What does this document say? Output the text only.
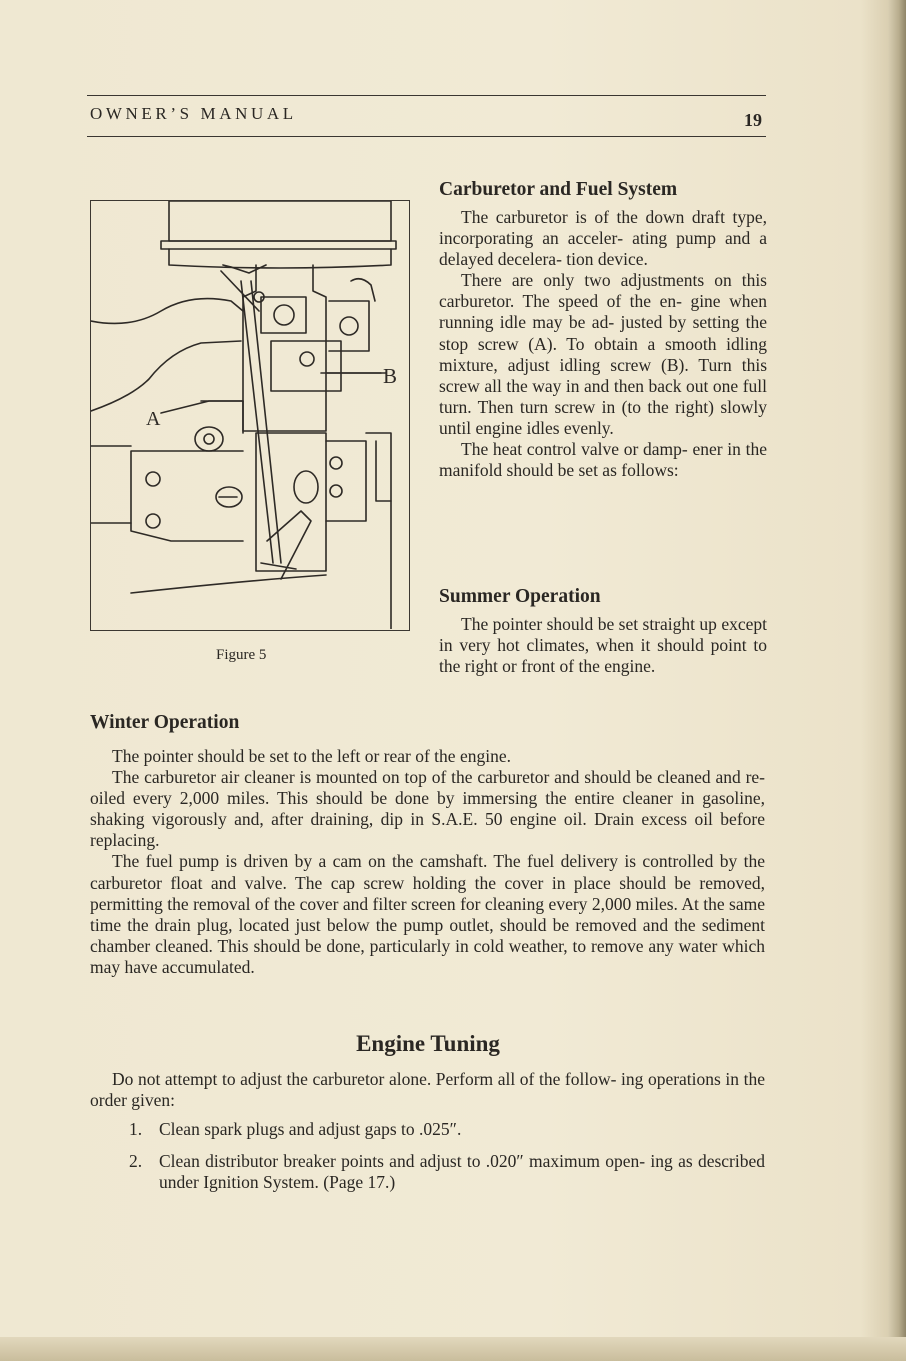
OWNER’S MANUAL	19
A
B
Figure 5
Carburetor and Fuel System

The carburetor is of the down draft type, incorporating an acceler‐ ating pump and a delayed decelera‐ tion device.

There are only two adjustments on this carburetor. The speed of the en‐ gine when running idle may be ad‐ justed by setting the stop screw (A). To obtain a smooth idling mixture, adjust idling screw (B). Turn this screw all the way in and then back out one full turn. Then turn screw in (to the right) slowly until engine idles evenly.

The heat control valve or damp‐ ener in the manifold should be set as follows:

Summer Operation

The pointer should be set straight up except in very hot climates, when it should point to the right or front of the engine.

Winter Operation

The pointer should be set to the left or rear of the engine.

The carburetor air cleaner is mounted on top of the carburetor and should be cleaned and re‐oiled every 2,000 miles. This should be done by immersing the entire cleaner in gasoline, shaking vigorously and, after draining, dip in S.A.E. 50 engine oil. Drain excess oil before replacing.

The fuel pump is driven by a cam on the camshaft. The fuel delivery is controlled by the carburetor float and valve. The cap screw holding the cover in place should be removed, permitting the removal of the cover and filter screen for cleaning every 2,000 miles. At the same time the drain plug, located just below the pump outlet, should be removed and the sediment chamber cleaned. This should be done, particularly in cold weather, to remove any water which may have accumulated.

Engine Tuning

Do not attempt to adjust the carburetor alone. Perform all of the follow‐ ing operations in the order given:

1. Clean spark plugs and adjust gaps to .025″.
2. Clean distributor breaker points and adjust to .020″ maximum open‐ ing as described under Ignition System. (Page 17.)
